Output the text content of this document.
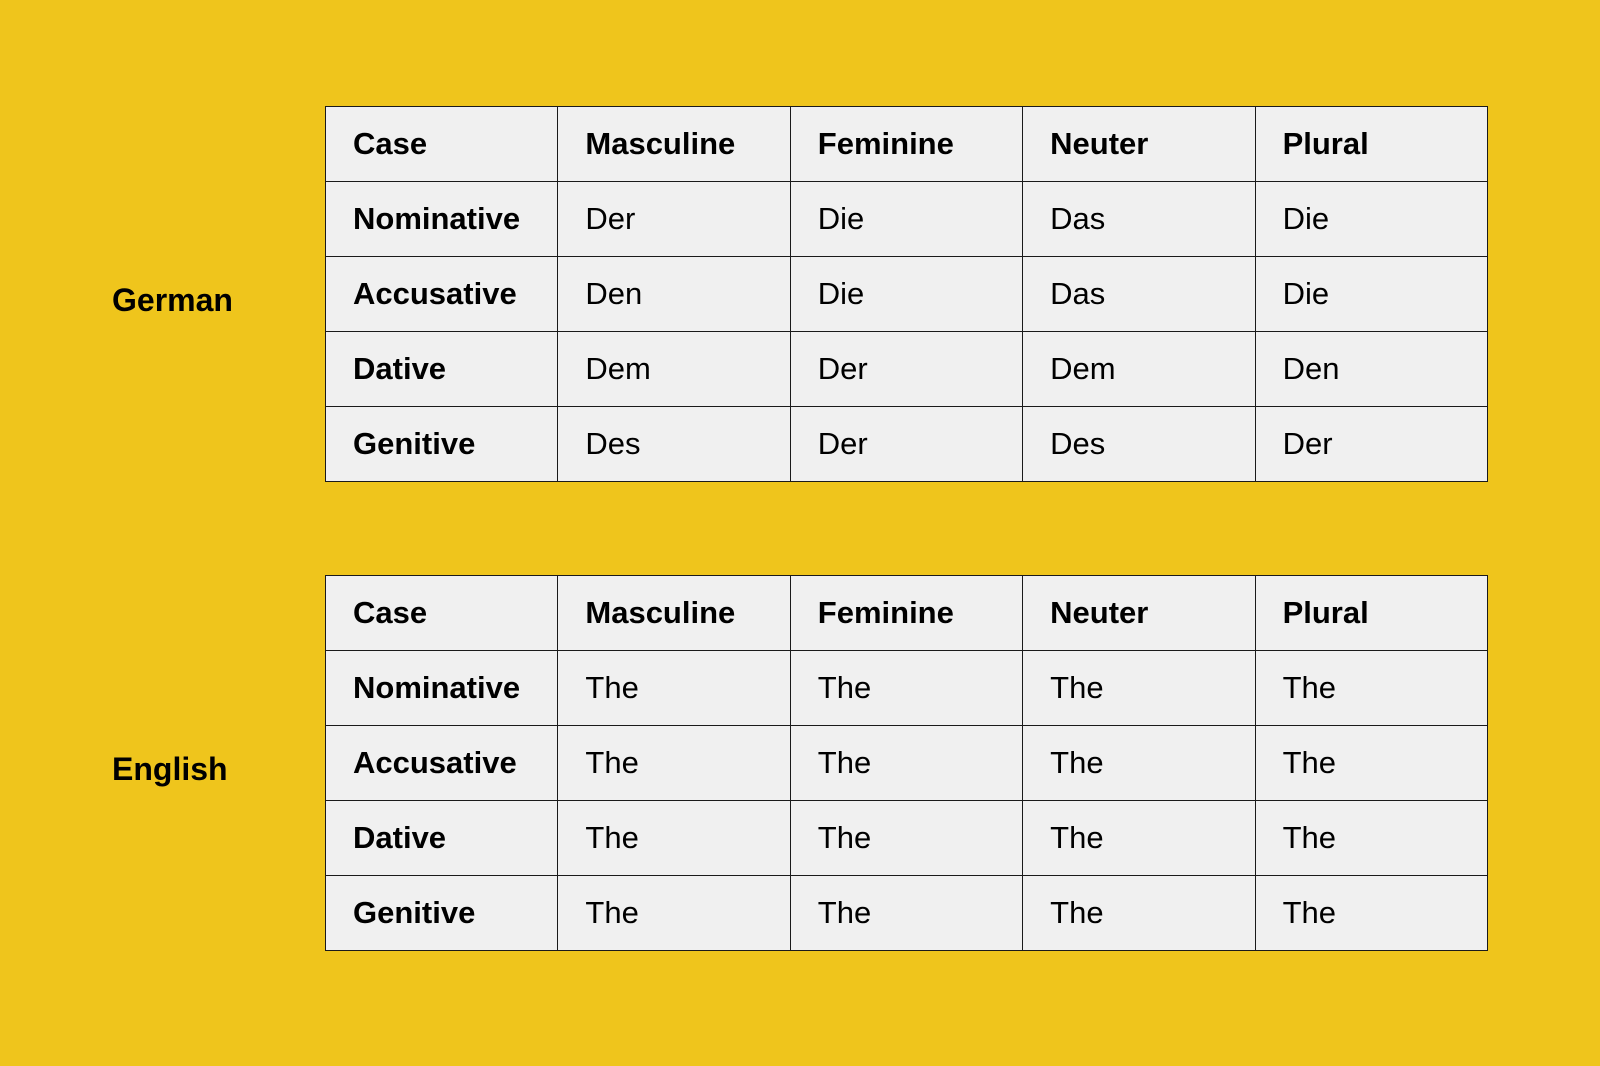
German
Case	Masculine	Feminine	Neuter	Plural
Nominative	Der	Die	Das	Die
Accusative	Den	Die	Das	Die
Dative	Dem	Der	Dem	Den
Genitive	Des	Der	Des	Der
English
Case	Masculine	Feminine	Neuter	Plural
Nominative	The	The	The	The
Accusative	The	The	The	The
Dative	The	The	The	The
Genitive	The	The	The	The
